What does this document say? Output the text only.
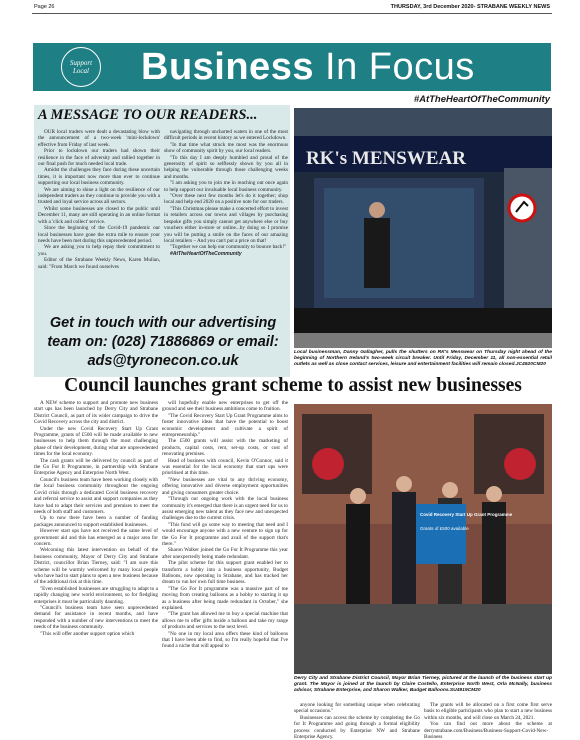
Page 26	THURSDAY, 3rd December 2020- STRABANE WEEKLY NEWS
Support Local Business In Focus
#AtTheHeartOfTheCommunity
A MESSAGE TO OUR READERS...

OUR local traders were dealt a devastating blow with the announcement of a two-week 'mini-lockdown' effective from Friday of last week.

Prior to lockdown our traders had shown their resilience in the face of adversity and rallied together in our final push for much needed local trade.

Amidst the challenges they face during these uncertain times, it is important now more than ever to continue supporting our local business community.

We are aiming to shine a light on the resilience of our independent traders as they continue to provide you with a trusted and loyal service across all sectors.

Whilst some businesses are closed to the public until December 11, many are still operating in an online format with a 'click and collect' service.

Since the beginning of the Covid-19 pandemic our local businesses have gone the extra mile to ensure your needs have been met during this unprecedented period.

We are asking you to help repay their commitment to you.

Editor of the Strabane Weekly News, Karen Mullan, said: "From March we found ourselves

navigating through uncharted waters in one of the most difficult periods in recent history as we entered Lockdown.

"In that time what struck me most was the enormous show of community spirit by you, our local readers.

"To this day I am deeply humbled and proud of the generosity of spirit so selflessly shown by you all in helping the vulnerable through those challenging weeks and months.

"I am asking you to join me in reaching out once again to help support our invaluable local business community.

"Over these next few months let's do it together; shop local and help end 2020 on a positive note for our traders.

"This Christmas please make a concerted effort to invest in retailers across our towns and villages by purchasing bespoke gifts you simply cannot get anywhere else or buy vouchers either in-store or online...by doing so I promise you will be putting a smile on the faces of our amazing local retailers – And you can't put a price on that!

"Together we can help our community to bounce back!"

#AtTheHeartOfTheCommunity

Get in touch with our advertising team on: (028) 71886869 or email: ads@tyronecon.co.uk
RK's MENSWEAR
Local businessman, Danny Gallagher, pulls the shutters on RK's Menswear on Thursday night ahead of the beginning of Northern Ireland's two-week circuit breaker. Until Friday, December 11, all non-essential retail outlets as well as close contact services, leisure and entertainment facilities will remain closed.JC4920CM20
Council launches grant scheme to assist new businesses

A NEW scheme to support and promote new business start ups has been launched by Derry City and Strabane District Council, as part of its wider campaign to drive the Covid Recovery across the city and district.

Under the new Covid Recovery Start Up Grant Programme, grants of £500 will be made available to new businesses to help them through the most challenging phase of their development, during what are unprecedented times for the local economy.

The cash grants will be delivered by council as part of the Go For It Programme, in partnership with Strabane Enterprise Agency and Enterprise North West.

Council's business team have been working closely with the local business community throughout the ongoing Covid crisis through a dedicated Covid business recovery and referral service to assist and support companies as they have had to adapt their services and premises to meet the needs of both staff and customers.

Up to now there have been a number of funding packages announced to support established businesses.

However start ups have not received the same level of government aid and this has emerged as a major area for concern.

Welcoming this latest intervention on behalf of the business community, Mayor of Derry City and Strabane District, councillor Brian Tierney, said: "I am sure this scheme will be warmly welcomed by many local people who have had to start plans to open a new business because of the additional risk at this time.

"Even established businesses are struggling to adapt to a rapidly changing new world environment, so for fledgling enterprises it must be particularly daunting.

"Council's business team have seen unprecedented demand for assistance in recent months, and have responded with a number of new interventions to meet the needs of the business community.

"This will offer another support option which

will hopefully enable new enterprises to get off the ground and see their business ambitions come to fruition.

"The Covid Recovery Start Up Grant Programme aims to foster innovative ideas that have the potential to boost economic development and cultivate a spirit of entrepreneurship."

The £500 grants will assist with the marketing of products, capital costs, rent, set-up costs, or cost of renovating premises.

Head of business with council, Kevin O'Connor, said it was essential for the local economy that start ups were prioritised at this time.

"New businesses are vital to any thriving economy, offering innovative and diverse employment opportunities and giving consumers greater choice.

"Through our ongoing work with the local business community it's emerged that there is an urgent need for us to assist emerging new talent as they face new and unexpected challenges due to the current crisis.

"This fund will go some way to meeting that need and I would encourage anyone with a new venture to sign up for the Go For It programme and avail of the support that's there."

Sharon Walker joined the Go For It Programme this year after unexpectedly being made redundant.

The pilot scheme for this support grant enabled her to transform a hobby into a business opportunity, Budget Balloons, now operating in Strabane, and has tracked her dream to run her own full time business.

"The Go For It programme was a massive part of me moving from creating balloons as a hobby to starting it up as a business after being made redundant in October," she explained.

"The grant has allowed me to buy a special machine that allows me to offer gifts inside a balloon and take my range of products and services to the next level.

"No one in my local area offers these kind of balloons that I have been able to find, so I'm really hopeful that I've found a niche that will appeal to

Covid Recovery Start Up Grant Programme
Grants of £500 available
Derry City and Strabane District Council, Mayor Brian Tierney, pictured at the launch of the business start up grant. The Mayor is joined at the launch by Claire Costello, Enterprise North West, Orla McNally, business advisor, Strabane Enterprise, and Sharon Walker, Budget Balloons.SU4919CM20

anyone looking for something unique when celebrating special occasions."

Businesses can access the scheme by completing the Go for It Programme and going through a formal eligibility process conducted by Enterprise NW and Strabane Enterprise Agency.

The grants will be allocated on a first come first serve basis to eligible participants who plan to start a new business within six months, and will close on March 24, 2021.

You can find out more about the scheme at derrystrabane.com/Business/Business-Support-Covid-New-Business
